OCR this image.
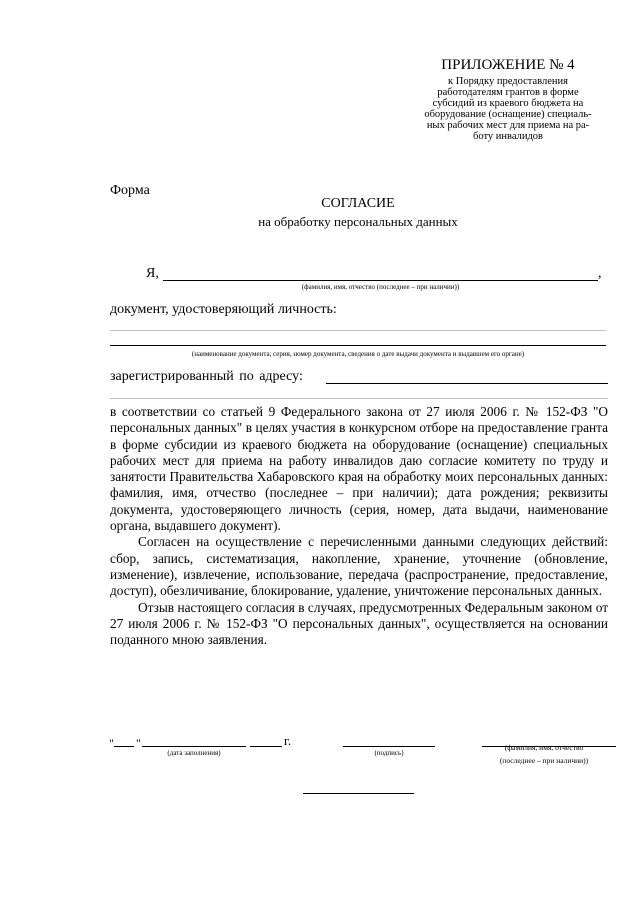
ПРИЛОЖЕНИЕ № 4
к Порядку предоставления
работодателям грантов в форме
субсидий из краевого бюджета на
оборудование (оснащение) специаль-
ных рабочих мест для приема на ра-
боту инвалидов
Форма
СОГЛАСИЕ
на обработку персональных данных
Я,	,
(фамилия, имя, отчество (последнее – при наличии))
документ, удостоверяющий личность:
(наименование документа, серия, номер документа, сведения о дате выдачи документа и выдавшем его органе)
зарегистрированный по адресу:

в соответствии со статьей 9 Федерального закона от 27 июля 2006 г. № 152-ФЗ "О персональных данных" в целях участия в конкурсном отборе на предоставление гранта в форме субсидии из краевого бюджета на оборудование (оснащение) специальных рабочих мест для приема на работу инвалидов даю согласие комитету по труду и занятости Правительства Хабаровского края на обработку моих персональных данных: фамилия, имя, отчество (последнее – при наличии); дата рождения; реквизиты документа, удостоверяющего личность (серия, номер, дата выдачи, наименование органа, выдавшего документ).

Согласен на осуществление с перечисленными данными следующих действий: сбор, запись, систематизация, накопление, хранение, уточнение (обновление, изменение), извлечение, использование, передача (распространение, предоставление, доступ), обезличивание, блокирование, удаление, уничтожение персональных данных.

Отзыв настоящего согласия в случаях, предусмотренных Федеральным законом от 27 июля 2006 г. № 152-ФЗ "О персональных данных", осуществляется на основании поданного мною заявления.

" "	г.
(дата заполнения)	(подпись)
(фамилия, имя, отчество
(последнее – при наличии))
